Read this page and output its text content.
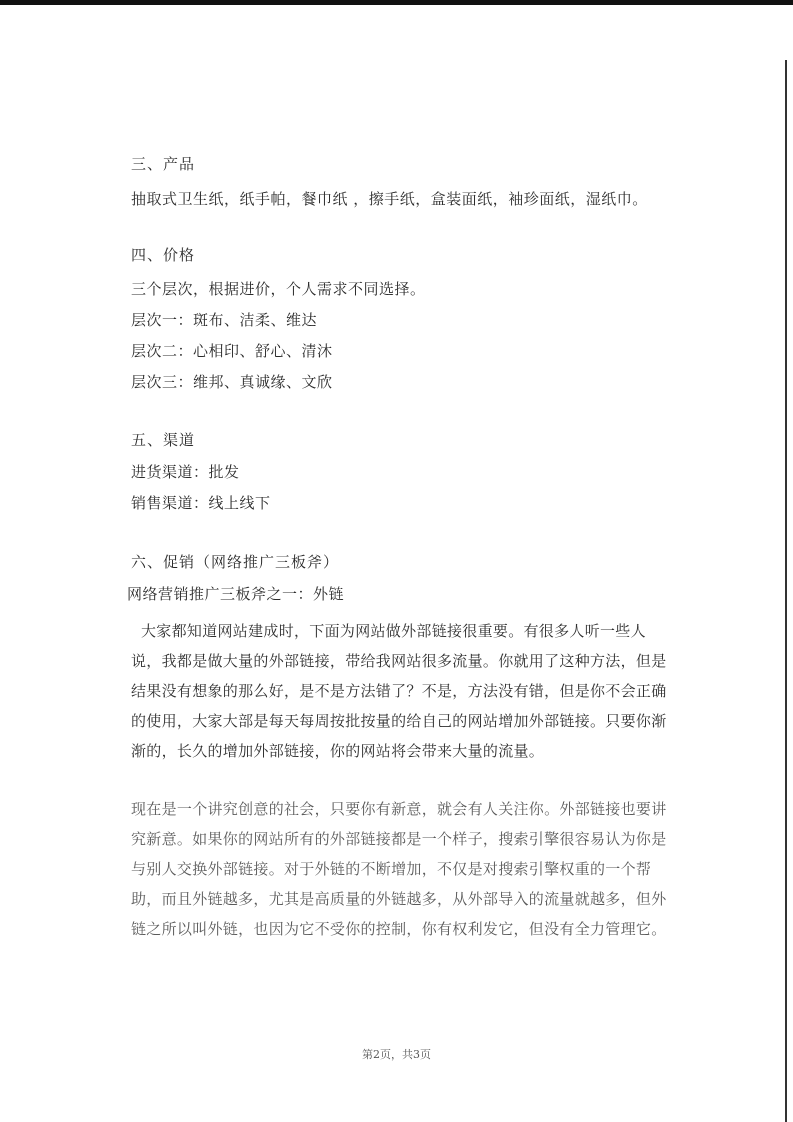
三、产品
抽取式卫生纸，纸手帕，餐巾纸 ，擦手纸，盒装面纸，袖珍面纸，湿纸巾。
四、价格
三个层次，根据进价，个人需求不同选择。
层次一：斑布、洁柔、维达
层次二：心相印、舒心、清沐
层次三：维邦、真诚缘、文欣
五、渠道
进货渠道：批发
销售渠道：线上线下
六、促销（网络推广三板斧）
网络营销推广三板斧之一：外链
大家都知道网站建成时，下面为网站做外部链接很重要。有很多人听一些人说，我都是做大量的外部链接，带给我网站很多流量。你就用了这种方法，但是结果没有想象的那么好，是不是方法错了？不是，方法没有错，但是你不会正确的使用，大家大部是每天每周按批按量的给自己的网站增加外部链接。只要你渐渐的，长久的增加外部链接，你的网站将会带来大量的流量。
现在是一个讲究创意的社会，只要你有新意，就会有人关注你。外部链接也要讲究新意。如果你的网站所有的外部链接都是一个样子，搜索引擎很容易认为你是与别人交换外部链接。对于外链的不断增加，不仅是对搜索引擎权重的一个帮助，而且外链越多，尤其是高质量的外链越多，从外部导入的流量就越多，但外链之所以叫外链，也因为它不受你的控制，你有权利发它，但没有全力管理它。
第2页，共3页
